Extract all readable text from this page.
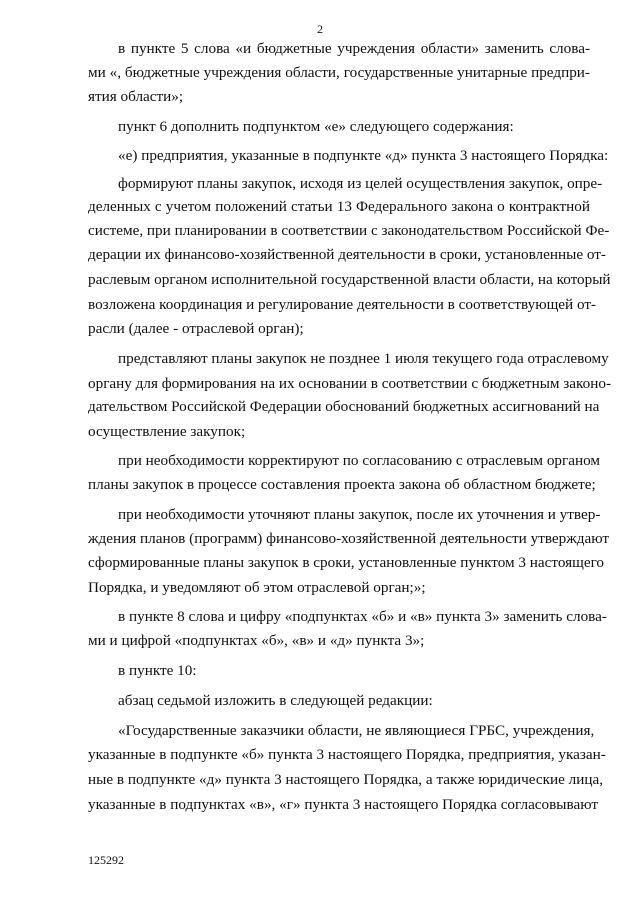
2
в пункте 5 слова «и бюджетные учреждения области» заменить слова-
ми «, бюджетные учреждения области, государственные унитарные предпри-
ятия области»;
пункт 6 дополнить подпунктом «е» следующего содержания:
«е) предприятия, указанные в подпункте «д» пункта 3 настоящего Порядка:
формируют планы закупок, исходя из целей осуществления закупок, опре-
деленных с учетом положений статьи 13 Федерального закона о контрактной
системе, при планировании в соответствии с законодательством Российской Фе-
дерации их финансово-хозяйственной деятельности в сроки, установленные от-
раслевым органом исполнительной государственной власти области, на который
возложена координация и регулирование деятельности в соответствующей от-
расли (далее - отраслевой орган);
представляют планы закупок не позднее 1 июля текущего года отраслевому
органу для формирования на их основании в соответствии с бюджетным законо-
дательством Российской Федерации обоснований бюджетных ассигнований на
осуществление закупок;
при необходимости корректируют по согласованию с отраслевым органом
планы закупок в процессе составления проекта закона об областном бюджете;
при необходимости уточняют планы закупок, после их уточнения и утвер-
ждения планов (программ) финансово-хозяйственной деятельности утверждают
сформированные планы закупок в сроки, установленные пунктом 3 настоящего
Порядка, и уведомляют об этом отраслевой орган;»;
в пункте 8 слова и цифру «подпунктах «б» и «в» пункта 3» заменить слова-
ми и цифрой «подпунктах «б», «в» и «д» пункта 3»;
в пункте 10:
абзац седьмой изложить в следующей редакции:
«Государственные заказчики области, не являющиеся ГРБС, учреждения,
указанные в подпункте «б» пункта 3 настоящего Порядка, предприятия, указан-
ные в подпункте «д» пункта 3 настоящего Порядка, а также юридические лица,
указанные в подпунктах «в», «г» пункта 3 настоящего Порядка согласовывают
125292
